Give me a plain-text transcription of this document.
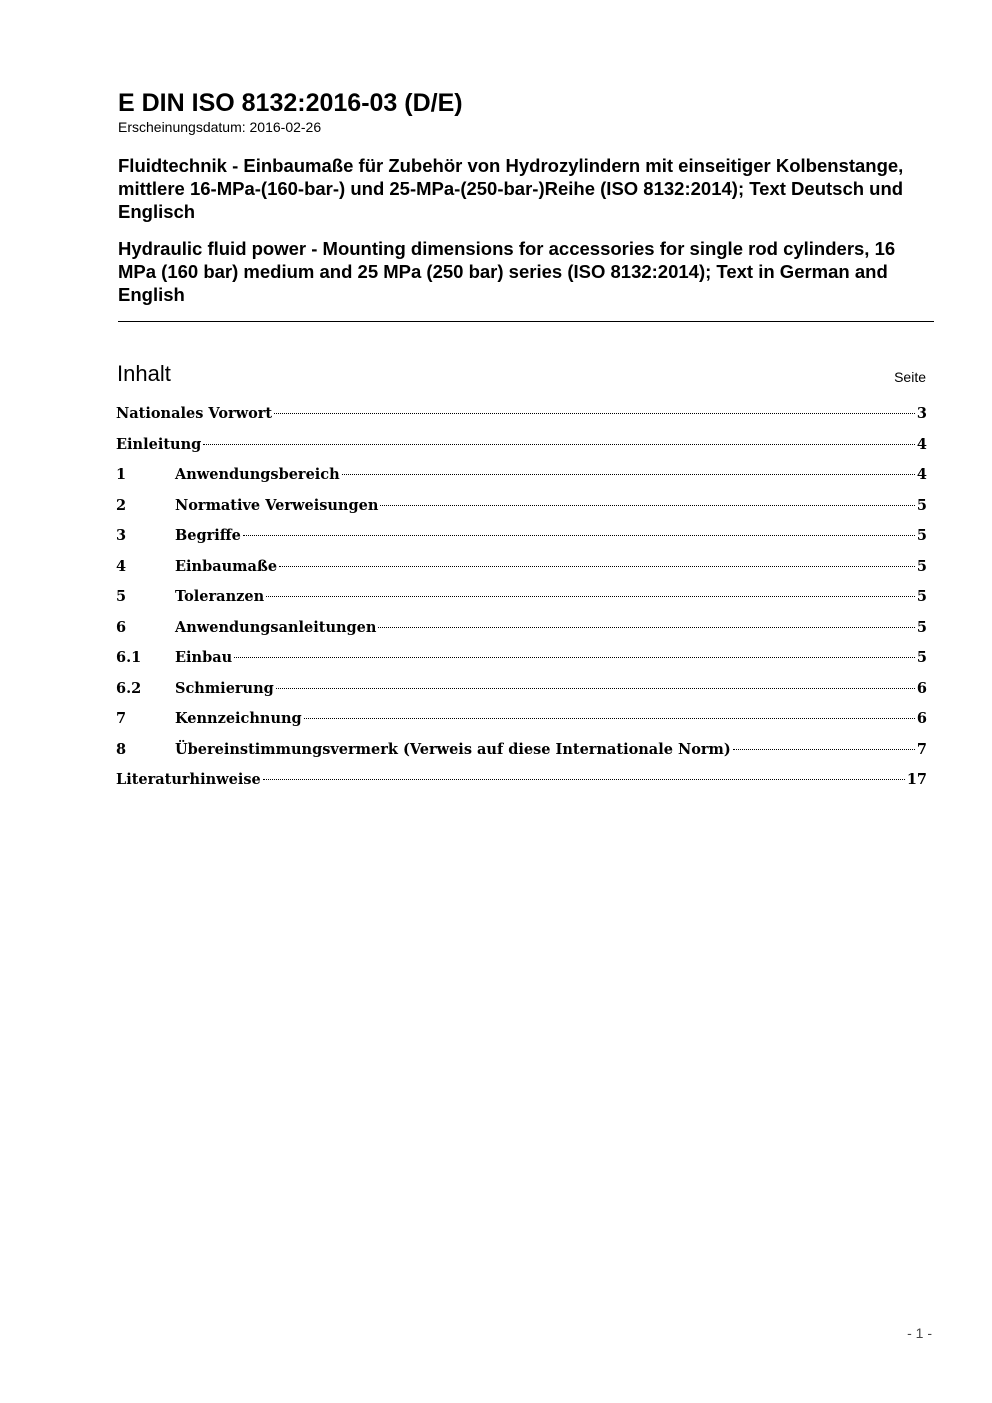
E DIN ISO 8132:2016-03 (D/E)

Erscheinungsdatum: 2016-02-26

Fluidtechnik - Einbaumaße für Zubehör von Hydrozylindern mit einseitiger Kolbenstange, mittlere 16-MPa-(160-bar-) und 25-MPa-(250-bar-)Reihe (ISO 8132:2014); Text Deutsch und Englisch

Hydraulic fluid power - Mounting dimensions for accessories for single rod cylinders, 16 MPa (160 bar) medium and 25 MPa (250 bar) series (ISO 8132:2014); Text in German and English

Inhalt	Seite
Nationales Vorwort	3
Einleitung	4
1	Anwendungsbereich	4
2	Normative Verweisungen	5
3	Begriffe	5
4	Einbaumaße	5
5	Toleranzen	5
6	Anwendungsanleitungen	5
6.1	Einbau	5
6.2	Schmierung	6
7	Kennzeichnung	6
8	Übereinstimmungsvermerk (Verweis auf diese Internationale Norm)	7
Literaturhinweise	17
- 1 -
